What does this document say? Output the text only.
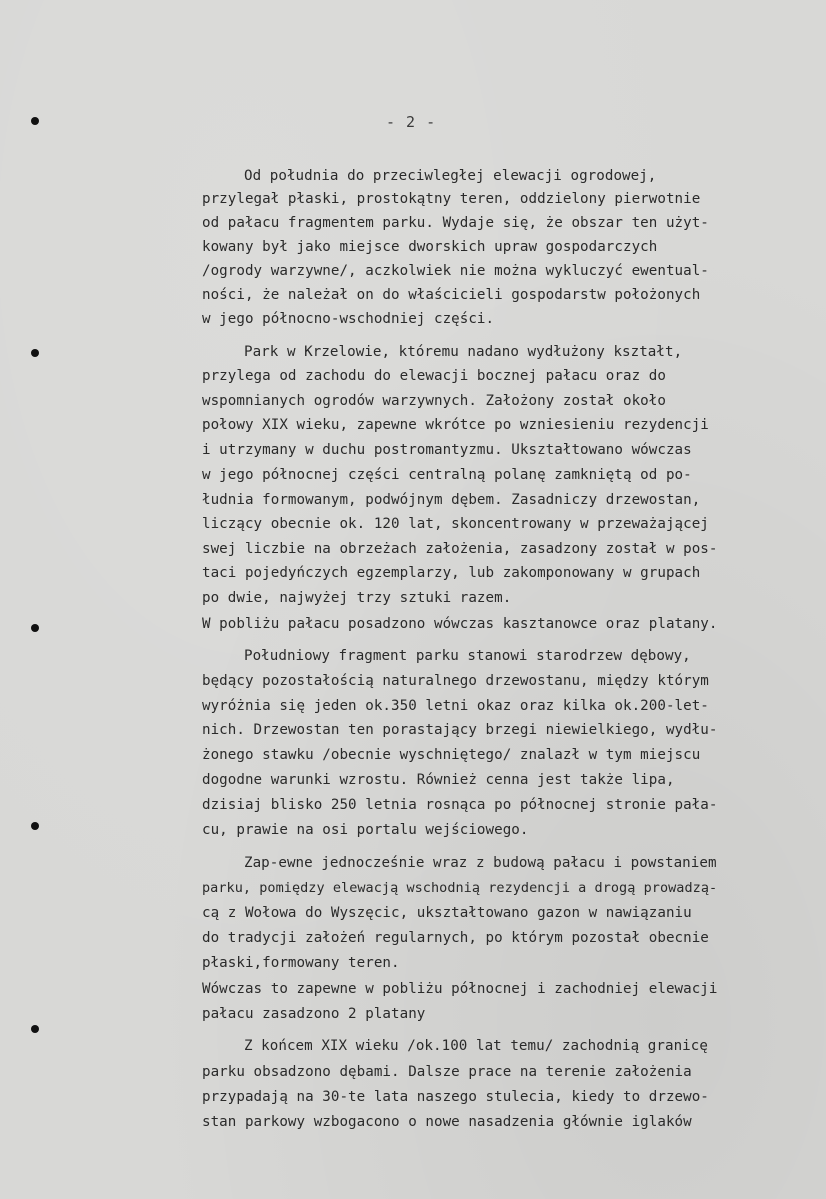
- 2 -
Od południa do przeciwległej elewacji ogrodowej,
przylegał płaski, prostokątny teren, oddzielony pierwotnie
od pałacu fragmentem parku. Wydaje się, że obszar ten użyt-
kowany był jako miejsce dworskich upraw gospodarczych
/ogrody warzywne/, aczkolwiek nie można wykluczyć ewentual-
ności, że należał on do właścicieli gospodarstw położonych
w jego północno-wschodniej części.
Park w Krzelowie, któremu nadano wydłużony kształt,
przylega od zachodu do elewacji bocznej pałacu oraz do
wspomnianych ogrodów warzywnych. Założony został około
połowy XIX wieku, zapewne wkrótce po wzniesieniu rezydencji
i utrzymany w duchu postromantyzmu. Ukształtowano wówczas
w jego północnej części centralną polanę zamkniętą od po-
łudnia formowanym, podwójnym dębem. Zasadniczy drzewostan,
liczący obecnie ok. 120 lat, skoncentrowany w przeważającej
swej liczbie na obrzeżach założenia, zasadzony został w pos-
taci pojedyńczych egzemplarzy, lub zakomponowany w grupach
po dwie, najwyżej trzy sztuki razem.
W pobliżu pałacu posadzono wówczas kasztanowce oraz platany.
Południowy fragment parku stanowi starodrzew dębowy,
będący pozostałością naturalnego drzewostanu, między którym
wyróżnia się jeden ok.350 letni okaz oraz kilka ok.200-let-
nich. Drzewostan ten porastający brzegi niewielkiego, wydłu-
żonego stawku /obecnie wyschniętego/ znalazł w tym miejscu
dogodne warunki wzrostu. Również cenna jest także lipa,
dzisiaj blisko 250 letnia rosnąca po północnej stronie pała-
cu, prawie na osi portalu wejściowego.
Zap-ewne jednocześnie wraz z budową pałacu i powstaniem
parku, pomiędzy elewacją wschodnią rezydencji a drogą prowadzą-
cą z Wołowa do Wyszęcic, ukształtowano gazon w nawiązaniu
do tradycji założeń regularnych, po którym pozostał obecnie
płaski,formowany teren.
Wówczas to zapewne w pobliżu północnej i zachodniej elewacji
pałacu zasadzono 2 platany
Z końcem XIX wieku /ok.100 lat temu/ zachodnią granicę
parku obsadzono dębami. Dalsze prace na terenie założenia
przypadają na 30-te lata naszego stulecia, kiedy to drzewo-
stan parkowy wzbogacono o nowe nasadzenia głównie iglaków
